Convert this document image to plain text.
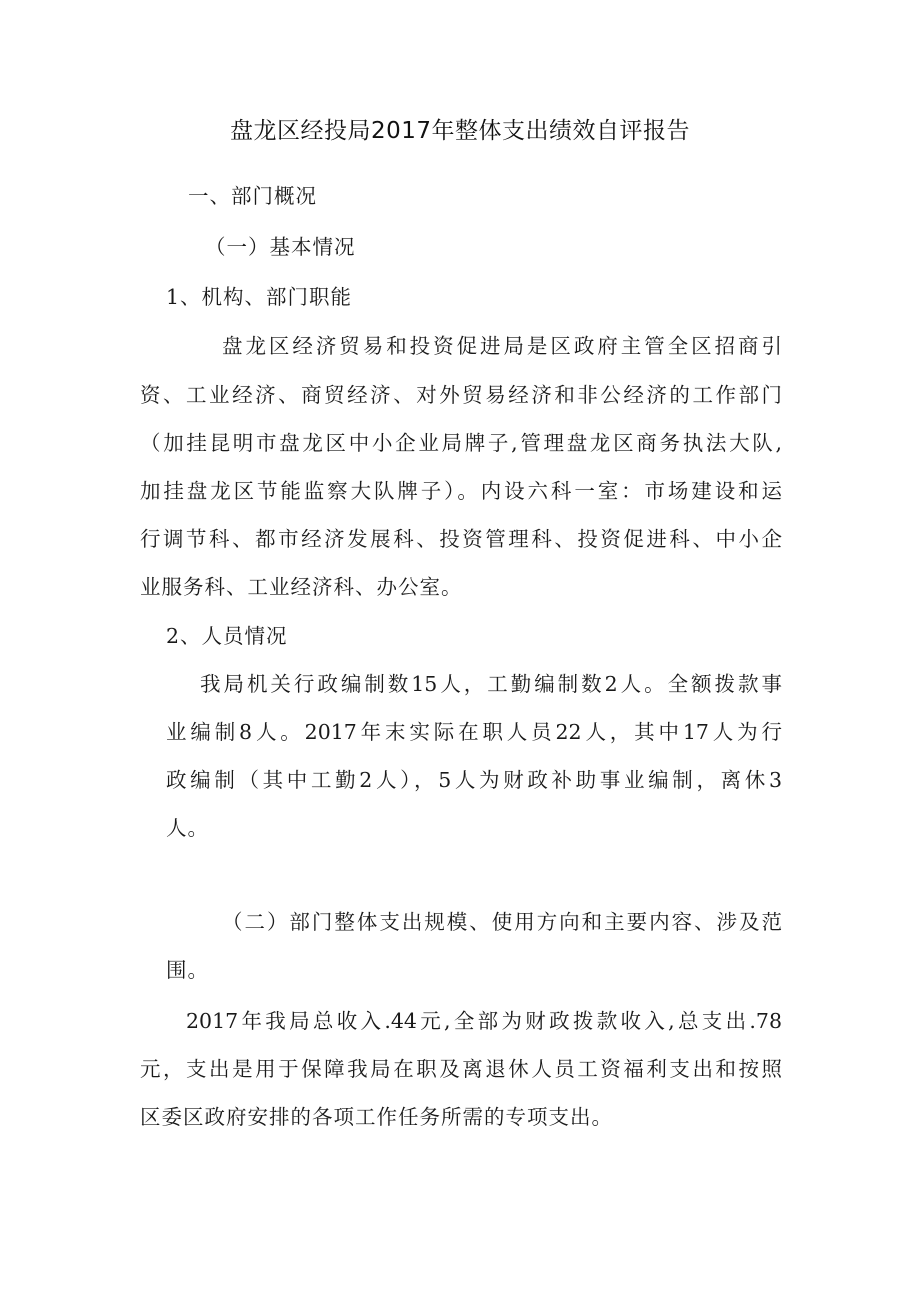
盘龙区经投局2017年整体支出绩效自评报告
一、部门概况
（一）基本情况
1、机构、部门职能
盘龙区经济贸易和投资促进局是区政府主管全区招商引
资、工业经济、商贸经济、对外贸易经济和非公经济的工作部门
（加挂昆明市盘龙区中小企业局牌子,管理盘龙区商务执法大队,
加挂盘龙区节能监察大队牌子）。内设六科一室：市场建设和运
行调节科、都市经济发展科、投资管理科、投资促进科、中小企
业服务科、工业经济科、办公室。
2、人员情况
我局机关行政编制数15人，工勤编制数2人。全额拨款事
业编制8人。2017年末实际在职人员22人，其中17人为行
政编制（其中工勤2人），5人为财政补助事业编制，离休3
人。
（二）部门整体支出规模、使用方向和主要内容、涉及范
围。
2017年我局总收入.44元,全部为财政拨款收入,总支出.78
元，支出是用于保障我局在职及离退休人员工资福利支出和按照
区委区政府安排的各项工作任务所需的专项支出。
